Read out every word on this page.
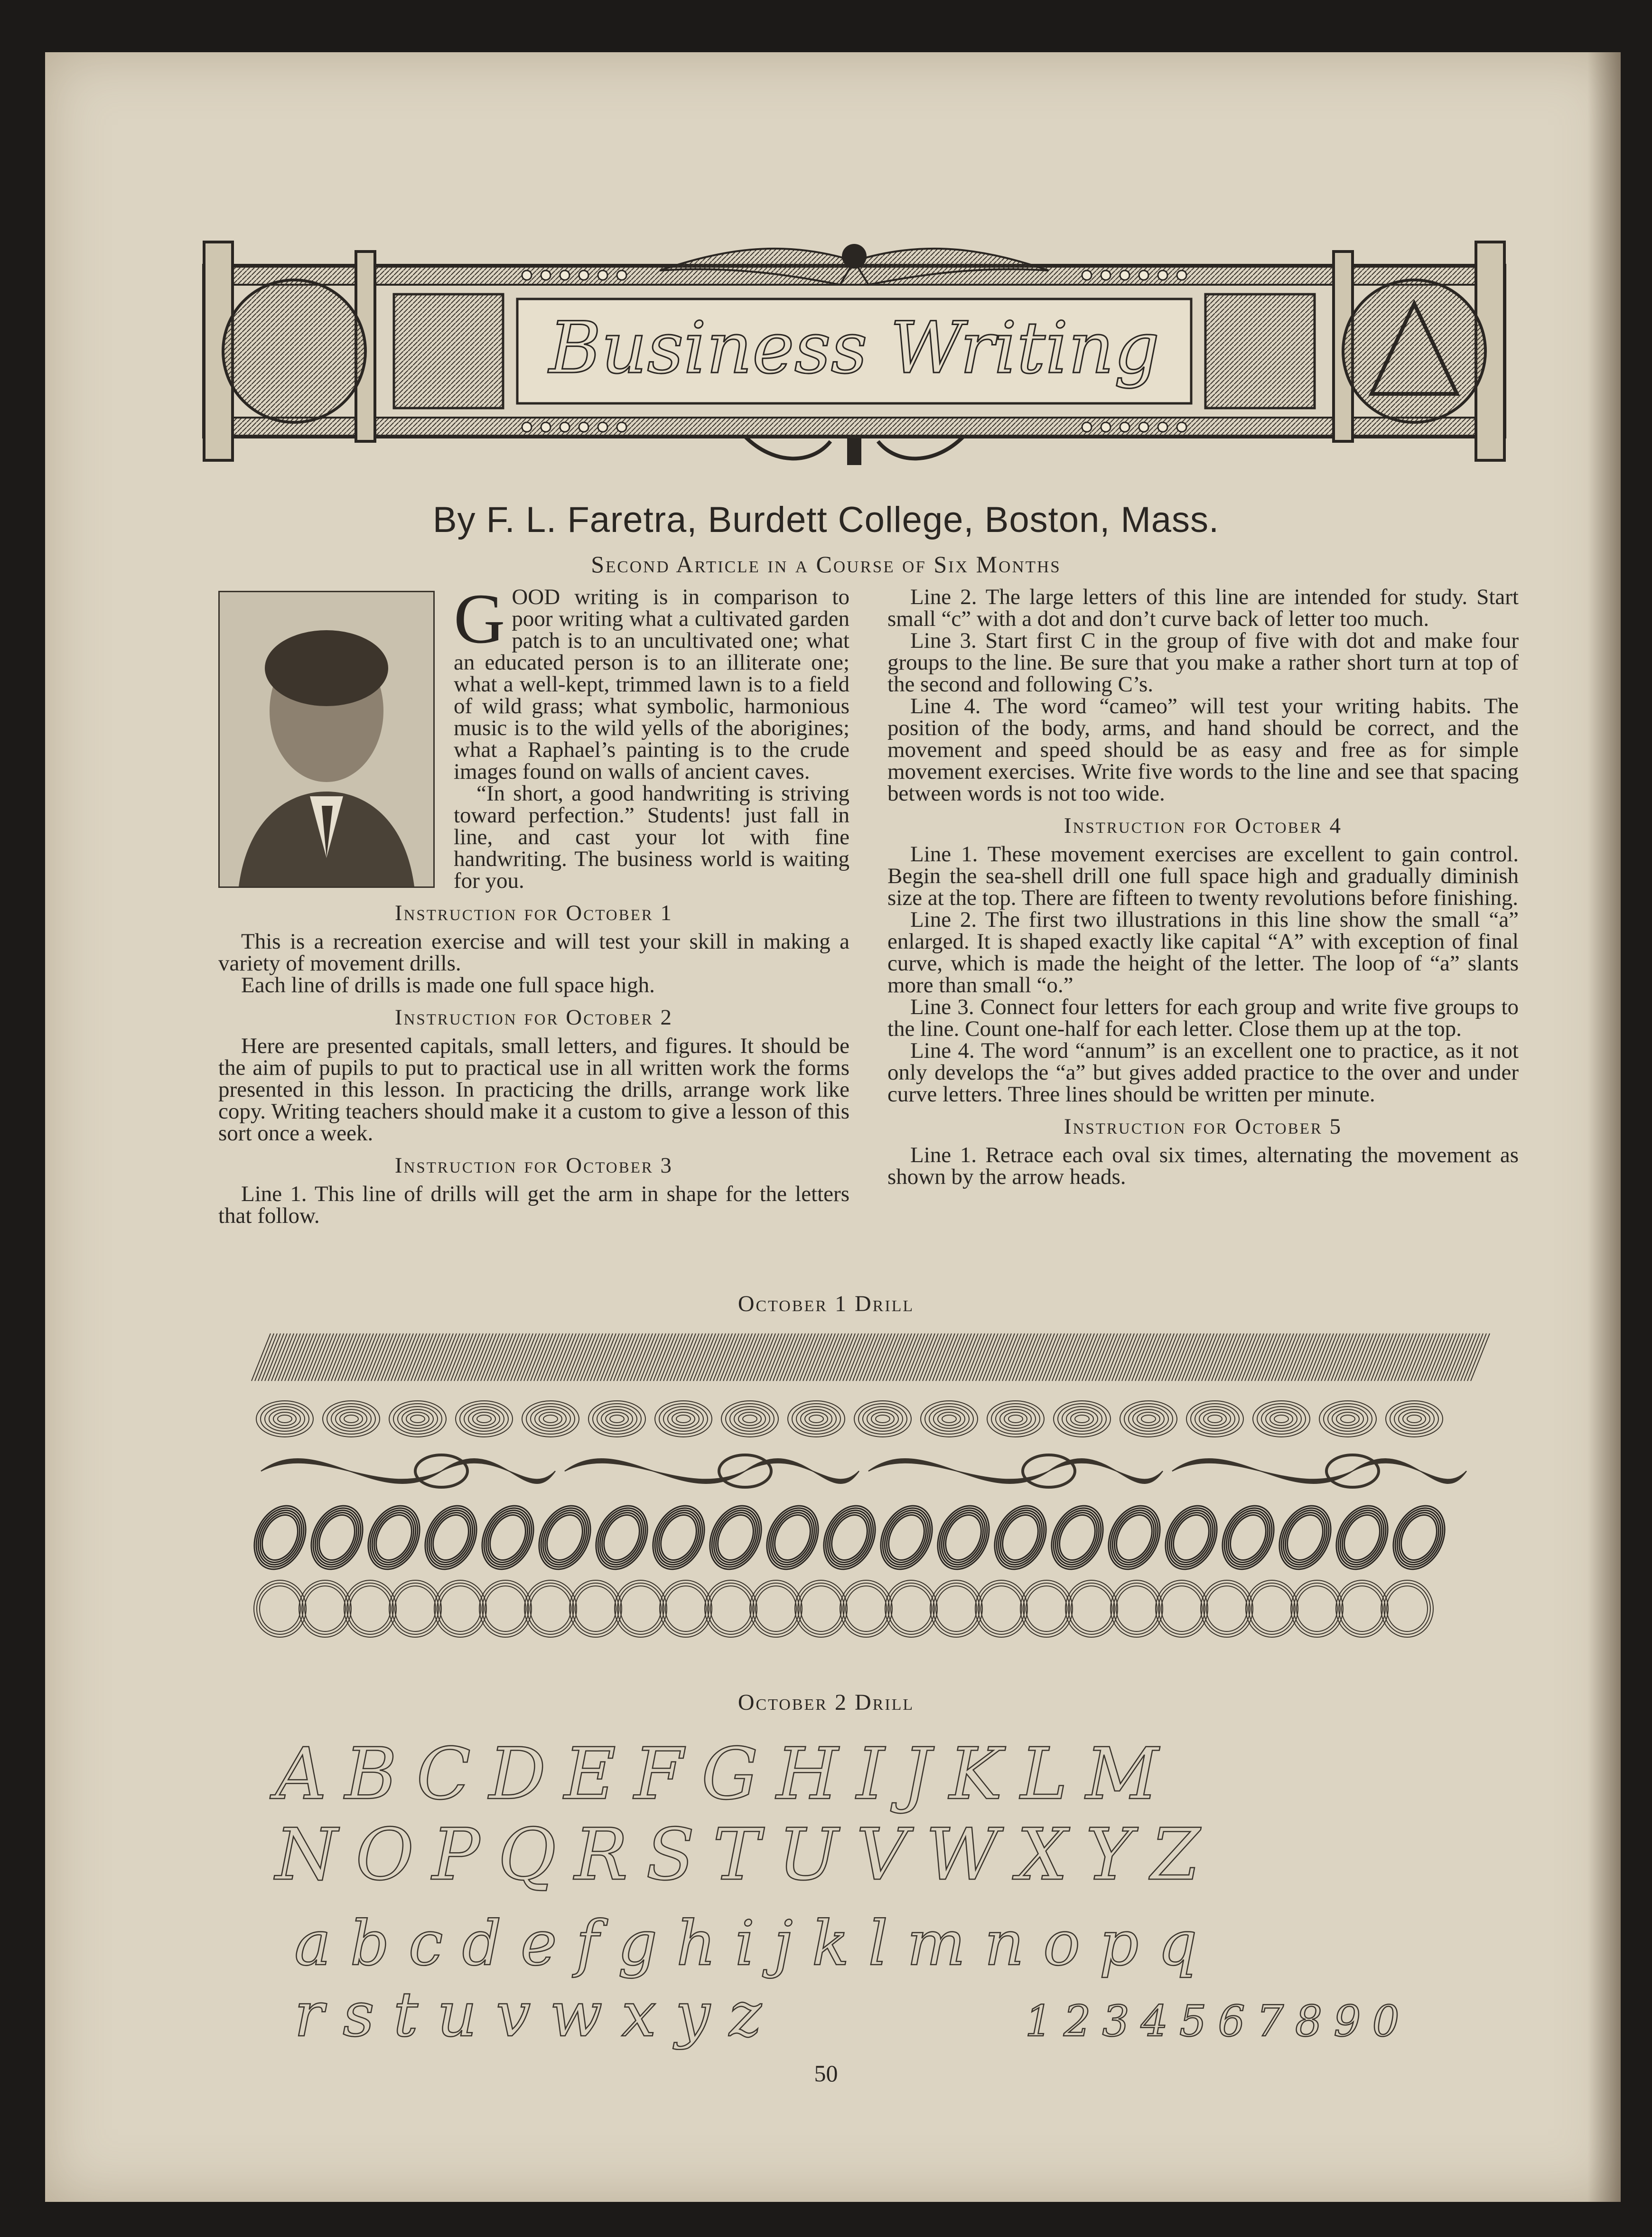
Business Writing
By F. L. Faretra, Burdett College, Boston, Mass.
Second Article in a Course of Six Months

GOOD writing is in comparison to poor writing what a cultivated garden patch is to an uncultivated one; what an educated person is to an illiterate one; what a well-kept, trimmed lawn is to a field of wild grass; what symbolic, harmonious music is to the wild yells of the aborigines; what a Raphael’s painting is to the crude images found on walls of ancient caves.

“In short, a good handwriting is striving toward perfection.” Students! just fall in line, and cast your lot with fine handwriting. The business world is waiting for you.

Instruction for October 1

This is a recreation exercise and will test your skill in making a variety of movement drills.

Each line of drills is made one full space high.

Instruction for October 2

Here are presented capitals, small letters, and figures. It should be the aim of pupils to put to practical use in all written work the forms presented in this lesson. In practicing the drills, arrange work like copy. Writing teachers should make it a custom to give a lesson of this sort once a week.

Instruction for October 3

Line 1. This line of drills will get the arm in shape for the letters that follow.

Line 2. The large letters of this line are intended for study. Start small “c” with a dot and don’t curve back of letter too much.

Line 3. Start first C in the group of five with dot and make four groups to the line. Be sure that you make a rather short turn at top of the second and following C’s.

Line 4. The word “cameo” will test your writing habits. The position of the body, arms, and hand should be correct, and the movement and speed should be as easy and free as for simple movement exercises. Write five words to the line and see that spacing between words is not too wide.

Instruction for October 4

Line 1. These movement exercises are excellent to gain control. Begin the sea-shell drill one full space high and gradually diminish size at the top. There are fifteen to twenty revolutions before finishing.

Line 2. The first two illustrations in this line show the small “a” enlarged. It is shaped exactly like capital “A” with exception of final curve, which is made the height of the letter. The loop of “a” slants more than small “o.”

Line 3. Connect four letters for each group and write five groups to the line. Count one-half for each letter. Close them up at the top.

Line 4. The word “annum” is an excellent one to practice, as it not only develops the “a” but gives added practice to the over and under curve letters. Three lines should be written per minute.

Instruction for October 5

Line 1. Retrace each oval six times, alternating the movement as shown by the arrow heads.

October 1 Drill
October 2 Drill
ABCDEFGHIJKLM
NOPQRSTUVWXYZ
abcdefghijklmnopq
rstuvwxyz	1234567890
50
